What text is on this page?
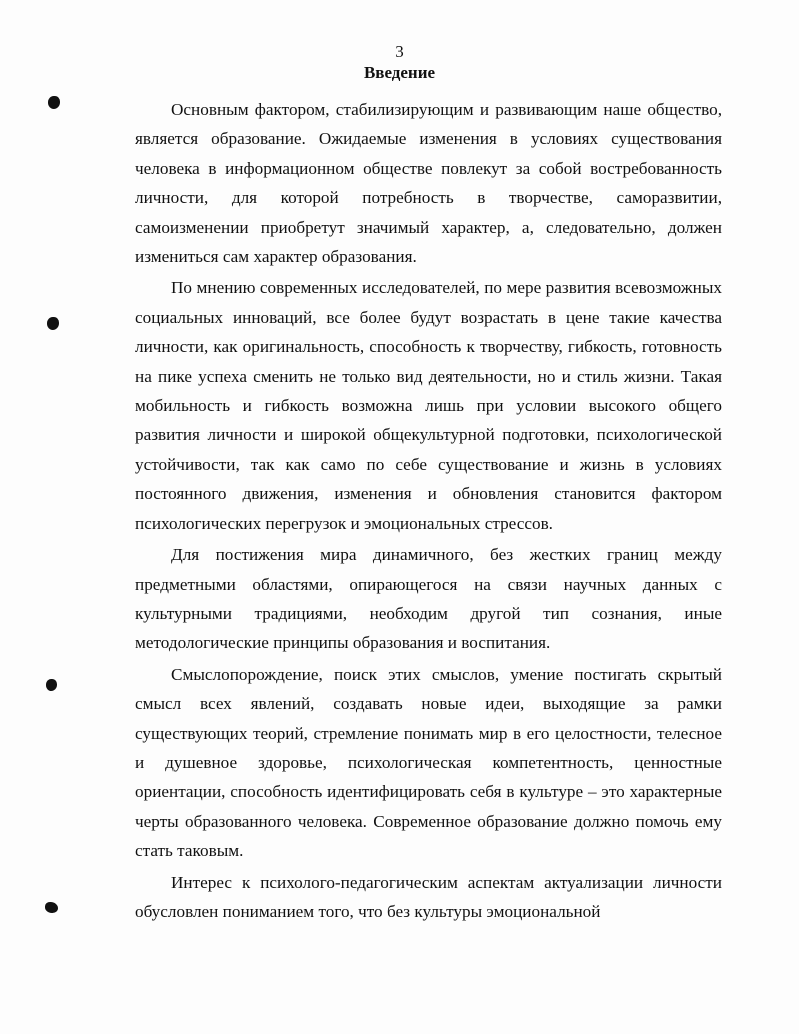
3
Введение

Основным фактором, стабилизирующим и развивающим наше общество, является образование. Ожидаемые изменения в условиях существования человека в информационном обществе повлекут за собой востребованность личности, для которой потребность в творчестве, саморазвитии, самоизменении приобретут значимый характер, а, следовательно, должен измениться сам характер образования.

По мнению современных исследователей, по мере развития всевозможных социальных инноваций, все более будут возрастать в цене такие качества личности, как оригинальность, способность к творчеству, гибкость, готовность на пике успеха сменить не только вид деятельности, но и стиль жизни. Такая мобильность и гибкость возможна лишь при условии высокого общего развития личности и широкой общекультурной подготовки, психологической устойчивости, так как само по себе существование и жизнь в условиях постоянного движения, изменения и обновления становится фактором психологических перегрузок и эмоциональных стрессов.

Для постижения мира динамичного, без жестких границ между предметными областями, опирающегося на связи научных данных с культурными традициями, необходим другой тип сознания, иные методологические принципы образования и воспитания.

Смыслопорождение, поиск этих смыслов, умение постигать скрытый смысл всех явлений, создавать новые идеи, выходящие за рамки существующих теорий, стремление понимать мир в его целостности, телесное и душевное здоровье, психологическая компетентность, ценностные ориентации, способность идентифицировать себя в культуре – это характерные черты образованного человека. Современное образование должно помочь ему стать таковым.

Интерес к психолого-педагогическим аспектам актуализации личности обусловлен пониманием того, что без культуры эмоциональной
